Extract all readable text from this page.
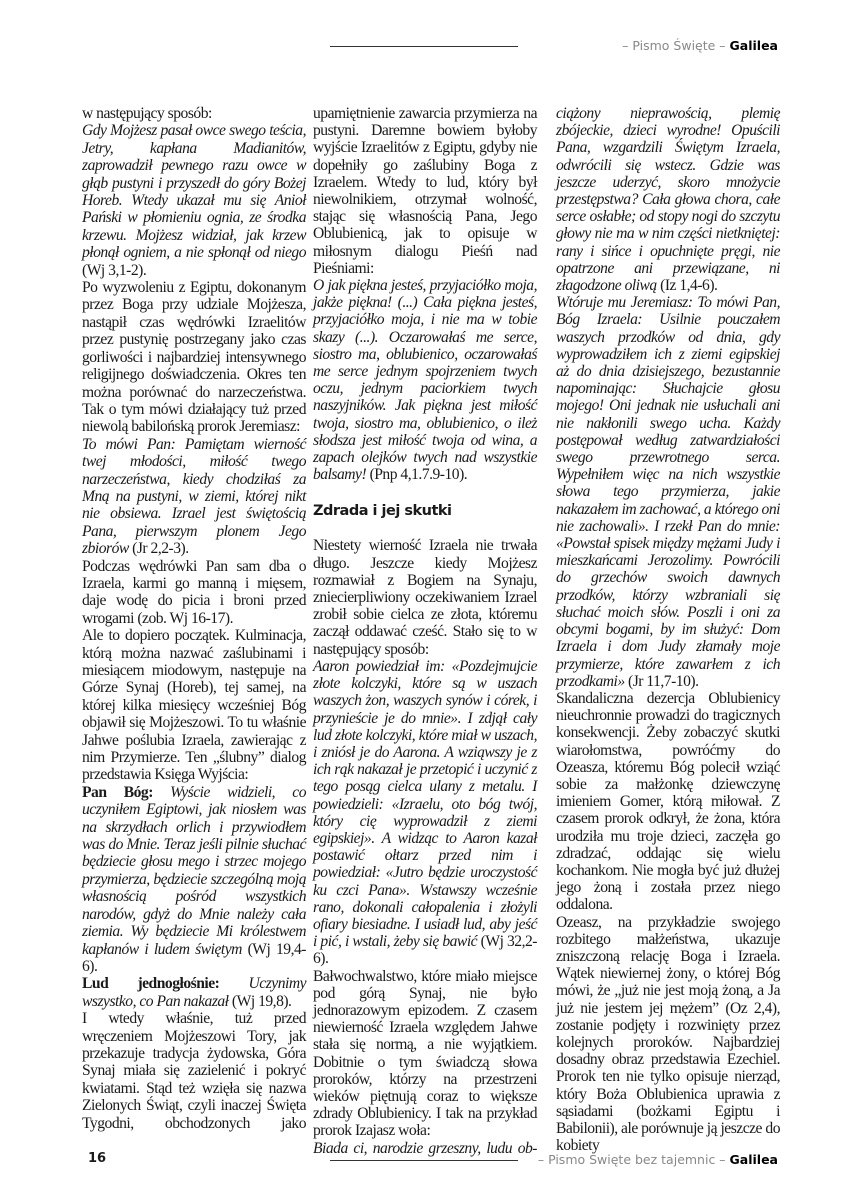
– Pismo Święte – Galilea

w następujący sposób:

Gdy Mojżesz pasał owce swego teścia, Jetry, kapłana Madianitów, zaprowadził pewnego razu owce w głąb pustyni i przyszedł do góry Bożej Horeb. Wtedy ukazał mu się Anioł Pański w płomieniu ognia, ze środka krzewu. Mojżesz widział, jak krzew płonął ogniem, a nie spłonął od niego (Wj 3,1-2).

Po wyzwoleniu z Egiptu, dokonanym przez Boga przy udziale Mojżesza, nastąpił czas wędrówki Izraelitów przez pustynię postrzegany jako czas gorliwości i najbardziej intensywnego religijnego doświadczenia. Okres ten można porównać do narzeczeństwa. Tak o tym mówi działający tuż przed niewolą babilońską prorok Jeremiasz:

To mówi Pan: Pamiętam wierność twej młodości, miłość twego narzeczeństwa, kiedy chodziłaś za Mną na pustyni, w ziemi, której nikt nie obsiewa. Izrael jest świętością Pana, pierwszym plonem Jego zbiorów (Jr 2,2-3).

Podczas wędrówki Pan sam dba o Izraela, karmi go manną i mięsem, daje wodę do picia i broni przed wrogami (zob. Wj 16-17).

Ale to dopiero początek. Kulminacja, którą można nazwać zaślubinami i miesiącem miodowym, następuje na Górze Synaj (Horeb), tej samej, na której kilka miesięcy wcześniej Bóg objawił się Mojżeszowi. To tu właśnie Jahwe poślubia Izraela, zawierając z nim Przymierze. Ten „ślubny” dialog przedstawia Księga Wyjścia:

Pan Bóg: Wyście widzieli, co uczyniłem Egiptowi, jak niosłem was na skrzydłach orlich i przywiodłem was do Mnie. Teraz jeśli pilnie słuchać będziecie głosu mego i strzec mojego przymierza, będziecie szczególną moją własnością pośród wszystkich narodów, gdyż do Mnie należy cała ziemia. Wy będziecie Mi królestwem kapłanów i ludem świętym (Wj 19,4-6).

Lud jednogłośnie: Uczynimy wszystko, co Pan nakazał (Wj 19,8).

I wtedy właśnie, tuż przed wręczeniem Mojżeszowi Tory, jak przekazuje tradycja żydowska, Góra Synaj miała się zazielenić i pokryć kwiatami. Stąd też wzięła się nazwa Zielonych Świąt, czyli inaczej Święta Tygodni, obchodzonych jako

upamiętnienie zawarcia przymierza na pustyni. Daremne bowiem byłoby wyjście Izraelitów z Egiptu, gdyby nie dopełniły go zaślubiny Boga z Izraelem. Wtedy to lud, który był niewolnikiem, otrzymał wolność, stając się własnością Pana, Jego Oblubienicą, jak to opisuje w miłosnym dialogu Pieśń nad Pieśniami:

O jak piękna jesteś, przyjaciółko moja, jakże piękna! (...) Cała piękna jesteś, przyjaciółko moja, i nie ma w tobie skazy (...). Oczarowałaś me serce, siostro ma, oblubienico, oczarowałaś me serce jednym spojrzeniem twych oczu, jednym paciorkiem twych naszyjników. Jak piękna jest miłość twoja, siostro ma, oblubienico, o ileż słodsza jest miłość twoja od wina, a zapach olejków twych nad wszystkie balsamy! (Pnp 4,1.7.9-10).

Zdrada i jej skutki

Niestety wierność Izraela nie trwała długo. Jeszcze kiedy Mojżesz rozmawiał z Bogiem na Synaju, zniecierpliwiony oczekiwaniem Izrael zrobił sobie cielca ze złota, któremu zaczął oddawać cześć. Stało się to w następujący sposób:

Aaron powiedział im: «Pozdejmujcie złote kolczyki, które są w uszach waszych żon, waszych synów i córek, i przynieście je do mnie». I zdjął cały lud złote kolczyki, które miał w uszach, i zniósł je do Aarona. A wziąwszy je z ich rąk nakazał je przetopić i uczynić z tego posąg cielca ulany z metalu. I powiedzieli: «Izraelu, oto bóg twój, który cię wyprowadził z ziemi egipskiej». A widząc to Aaron kazał postawić ołtarz przed nim i powiedział: «Jutro będzie uroczystość ku czci Pana». Wstawszy wcześnie rano, dokonali całopalenia i złożyli ofiary biesiadne. I usiadł lud, aby jeść i pić, i wstali, żeby się bawić (Wj 32,2-6).

Bałwochwalstwo, które miało miejsce pod górą Synaj, nie było jednorazowym epizodem. Z czasem niewierność Izraela względem Jahwe stała się normą, a nie wyjątkiem. Dobitnie o tym świadczą słowa proroków, którzy na przestrzeni wieków piętnują coraz to większe zdrady Oblubienicy. I tak na przykład prorok Izajasz woła:

Biada ci, narodzie grzeszny, ludu ob-

ciążony nieprawością, plemię zbójeckie, dzieci wyrodne! Opuścili Pana, wzgardzili Świętym Izraela, odwrócili się wstecz. Gdzie was jeszcze uderzyć, skoro mnożycie przestępstwa? Cała głowa chora, całe serce osłabłe; od stopy nogi do szczytu głowy nie ma w nim części nietkniętej: rany i sińce i opuchnięte pręgi, nie opatrzone ani przewiązane, ni złagodzone oliwą (Iz 1,4-6).

Wtóruje mu Jeremiasz: To mówi Pan, Bóg Izraela: Usilnie pouczałem waszych przodków od dnia, gdy wyprowadziłem ich z ziemi egipskiej aż do dnia dzisiejszego, bezustannie napominając: Słuchajcie głosu mojego! Oni jednak nie usłuchali ani nie nakłonili swego ucha. Każdy postępował według zatwardziałości swego przewrotnego serca. Wypełniłem więc na nich wszystkie słowa tego przymierza, jakie nakazałem im zachować, a którego oni nie zachowali». I rzekł Pan do mnie: «Powstał spisek między mężami Judy i mieszkańcami Jerozolimy. Powrócili do grzechów swoich dawnych przodków, którzy wzbraniali się słuchać moich słów. Poszli i oni za obcymi bogami, by im służyć: Dom Izraela i dom Judy złamały moje przymierze, które zawarłem z ich przodkami» (Jr 11,7-10).

Skandaliczna dezercja Oblubienicy nieuchronnie prowadzi do tragicznych konsekwencji. Żeby zobaczyć skutki wiarołomstwa, powróćmy do Ozeasza, któremu Bóg polecił wziąć sobie za małżonkę dziewczynę imieniem Gomer, którą miłował. Z czasem prorok odkrył, że żona, która urodziła mu troje dzieci, zaczęła go zdradzać, oddając się wielu kochankom. Nie mogła być już dłużej jego żoną i została przez niego oddalona.

Ozeasz, na przykładzie swojego rozbitego małżeństwa, ukazuje zniszczoną relację Boga i Izraela. Wątek niewiernej żony, o której Bóg mówi, że „już nie jest moją żoną, a Ja już nie jestem jej mężem” (Oz 2,4), zostanie podjęty i rozwinięty przez kolejnych proroków. Najbardziej dosadny obraz przedstawia Ezechiel. Prorok ten nie tylko opisuje nierząd, który Boża Oblubienica uprawia z sąsiadami (bożkami Egiptu i Babilonii), ale porównuje ją jeszcze do kobiety

16	– Pismo Święte bez tajemnic – Galilea
